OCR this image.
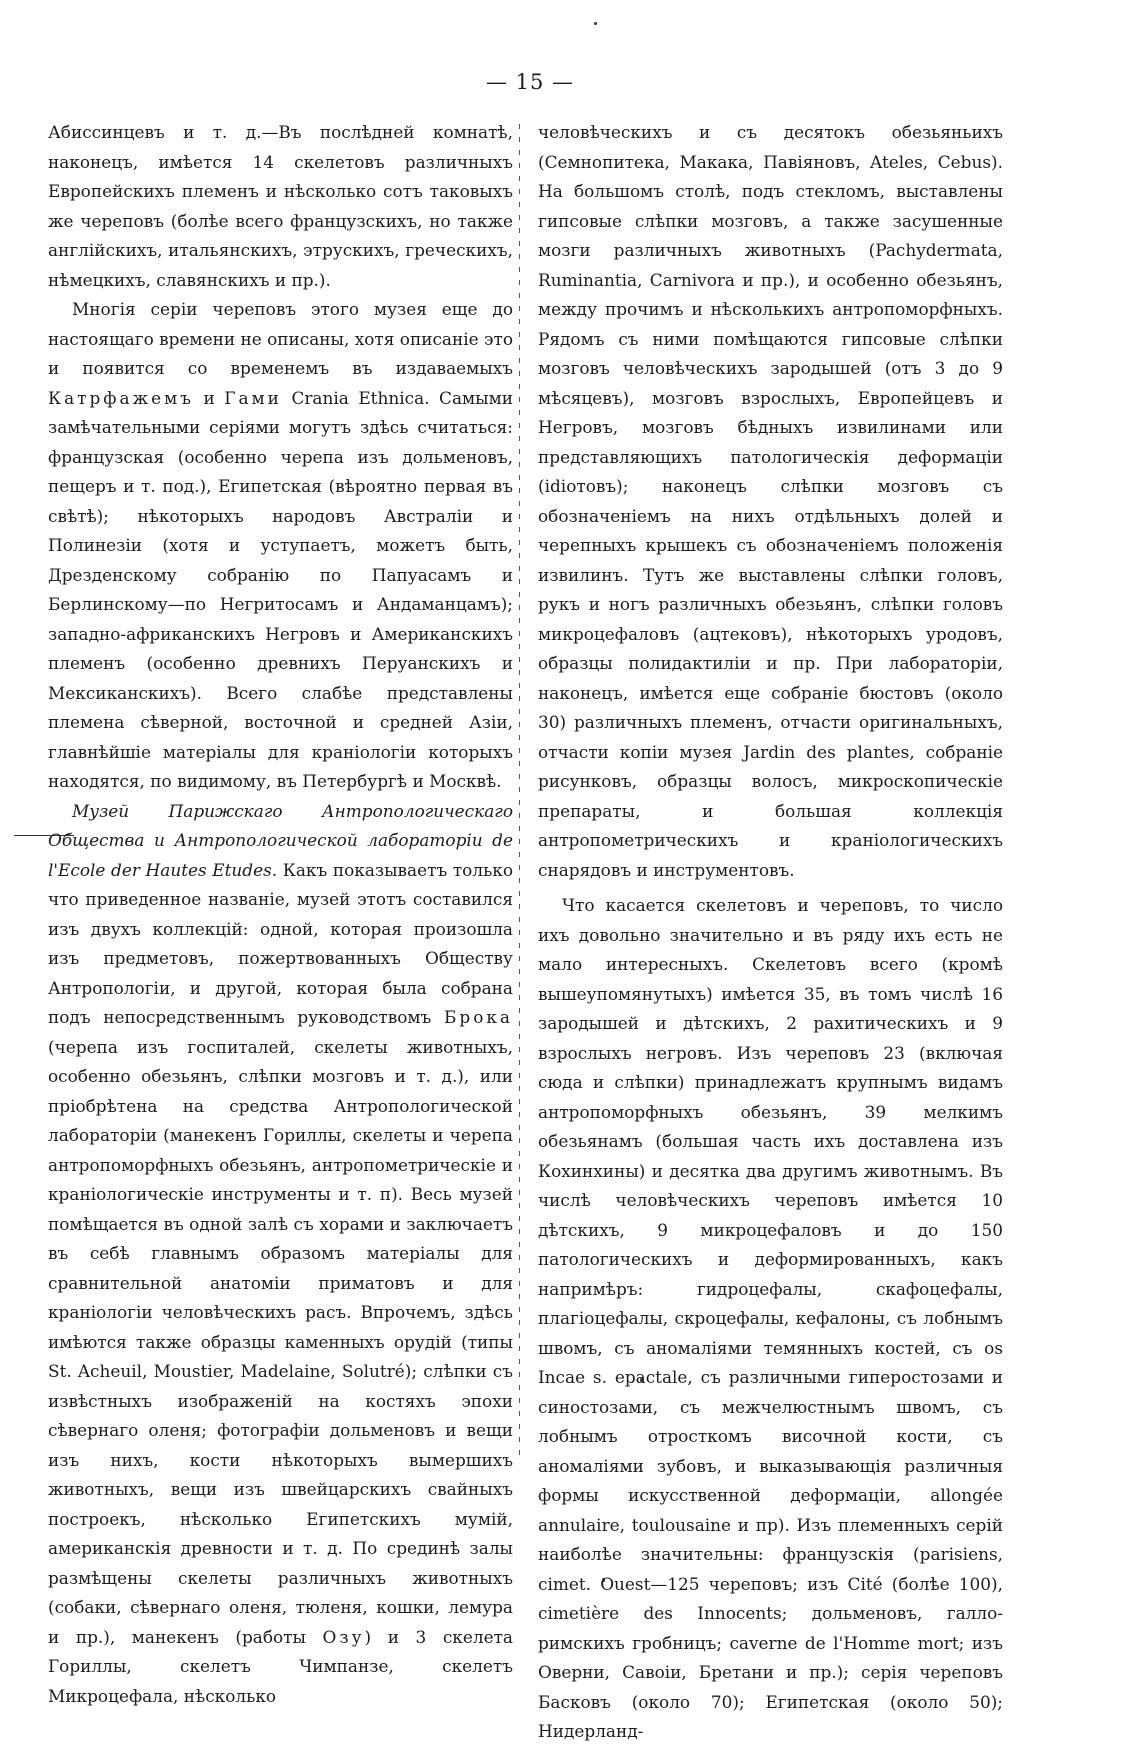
— 15 —

Абиссинцевъ и т. д.—Въ послѣдней комнатѣ, наконецъ, имѣется 14 скелетовъ различныхъ Европейскихъ племенъ и нѣсколько сотъ таковыхъ же череповъ (болѣе всего французскихъ, но также англійскихъ, итальянскихъ, этрускихъ, греческихъ, нѣмецкихъ, славянскихъ и пр.).

Многія серіи череповъ этого музея еще до настоящаго времени не описаны, хотя описаніе это и появится со временемъ въ издаваемыхъ Катрфажемъ и Гами Crania Ethnica. Самыми замѣчательными серіями могутъ здѣсь считаться: французская (особенно черепа изъ дольменовъ, пещеръ и т. под.), Египетская (вѣроятно первая въ свѣтѣ); нѣкоторыхъ народовъ Австраліи и Полинезіи (хотя и уступаетъ, можетъ быть, Дрезденскому собранію по Папуасамъ и Берлинскому—по Негритосамъ и Андаманцамъ); западно-африканскихъ Негровъ и Американскихъ племенъ (особенно древнихъ Перуанскихъ и Мексиканскихъ). Всего слабѣе представлены племена сѣверной, восточной и средней Азіи, главнѣйшіе матеріалы для краніологіи которыхъ находятся, по видимому, въ Петербургѣ и Москвѣ.

Музей Парижскаго Антропологическаго Общества и Антропологической лабораторіи de l'Ecole der Hautes Etudes. Какъ показываетъ только что приведенное названіе, музей этотъ составился изъ двухъ коллекцій: одной, которая произошла изъ предметовъ, пожертвованныхъ Обществу Антропологіи, и другой, которая была собрана подъ непосредственнымъ руководствомъ Брока (черепа изъ госпиталей, скелеты животныхъ, особенно обезьянъ, слѣпки мозговъ и т. д.), или пріобрѣтена на средства Антропологической лабораторіи (манекенъ Гориллы, скелеты и черепа антропоморфныхъ обезьянъ, антропометрическіе и краніологическіе инструменты и т. п). Весь музей помѣщается въ одной залѣ съ хорами и заключаетъ въ себѣ главнымъ образомъ матеріалы для сравнительной анатоміи приматовъ и для краніологіи человѣческихъ расъ. Впрочемъ, здѣсь имѣются также образцы каменныхъ орудій (типы St. Acheuil, Moustier, Madelaine, Solutré); слѣпки съ извѣстныхъ изображеній на костяхъ эпохи сѣвернаго оленя; фотографіи дольменовъ и вещи изъ нихъ, кости нѣкоторыхъ вымершихъ животныхъ, вещи изъ швейцарскихъ свайныхъ построекъ, нѣсколько Египетскихъ мумій, американскія древности и т. д. По срединѣ залы размѣщены скелеты различныхъ животныхъ (собаки, сѣвернаго оленя, тюленя, кошки, лемура и пр.), манекенъ (работы Озу) и 3 скелета Гориллы, скелетъ Чимпанзе, скелетъ Микроцефала, нѣсколько

человѣческихъ и съ десятокъ обезьяньихъ (Семнопитека, Макака, Павіяновъ, Ateles, Cebus). На большомъ столѣ, подъ стекломъ, выставлены гипсовые слѣпки мозговъ, а также засушенные мозги различныхъ животныхъ (Pachydermata, Ruminantia, Carnivora и пр.), и особенно обезьянъ, между прочимъ и нѣсколькихъ антропоморфныхъ. Рядомъ съ ними помѣщаются гипсовые слѣпки мозговъ человѣческихъ зародышей (отъ 3 до 9 мѣсяцевъ), мозговъ взрослыхъ, Европейцевъ и Негровъ, мозговъ бѣдныхъ извилинами или представляющихъ патологическія деформаціи (idiотовъ); наконецъ слѣпки мозговъ съ обозначеніемъ на нихъ отдѣльныхъ долей и черепныхъ крышекъ съ обозначеніемъ положенія извилинъ. Тутъ же выставлены слѣпки головъ, рукъ и ногъ различныхъ обезьянъ, слѣпки головъ микроцефаловъ (ацтековъ), нѣкоторыхъ уродовъ, образцы полидактиліи и пр. При лабораторіи, наконецъ, имѣется еще собраніе бюстовъ (около 30) различныхъ племенъ, отчасти оригинальныхъ, отчасти копіи музея Jardin des plantes, собраніе рисунковъ, образцы волосъ, микроскопическіе препараты, и большая коллекція антропометрическихъ и краніологическихъ снарядовъ и инструментовъ.

Что касается скелетовъ и череповъ, то число ихъ довольно значительно и въ ряду ихъ есть не мало интересныхъ. Скелетовъ всего (кромѣ вышеупомянутыхъ) имѣется 35, въ томъ числѣ 16 зародышей и дѣтскихъ, 2 рахитическихъ и 9 взрослыхъ негровъ. Изъ череповъ 23 (включая сюда и слѣпки) принадлежатъ крупнымъ видамъ антропоморфныхъ обезьянъ, 39 мелкимъ обезьянамъ (большая часть ихъ доставлена изъ Кохинхины) и десятка два другимъ животнымъ. Въ числѣ человѣческихъ череповъ имѣется 10 дѣтскихъ, 9 микроцефаловъ и до 150 патологическихъ и деформированныхъ, какъ напримѣръ: гидроцефалы, скафоцефалы, плагіоцефалы, скроцефалы, кефалоны, съ лобнымъ швомъ, съ аномаліями темянныхъ костей, съ os Incae s. epactale, съ различными гиперостозами и синостозами, съ межчелюстнымъ швомъ, съ лобнымъ отросткомъ височной кости, съ аномаліями зубовъ, и выказывающія различныя формы искусственной деформаціи, allongée annulaire, toulousaine и пр). Изъ племенныхъ серій наиболѣе значительны: французскія (parisiens, cimet. Ouest—125 череповъ; изъ Cité (болѣе 100), cimetière des Innocents; дольменовъ, галло-римскихъ гробницъ; caverne de l'Homme mort; изъ Оверни, Савоіи, Бретани и пр.); серія череповъ Басковъ (около 70); Египетская (около 50); Нидерланд-
